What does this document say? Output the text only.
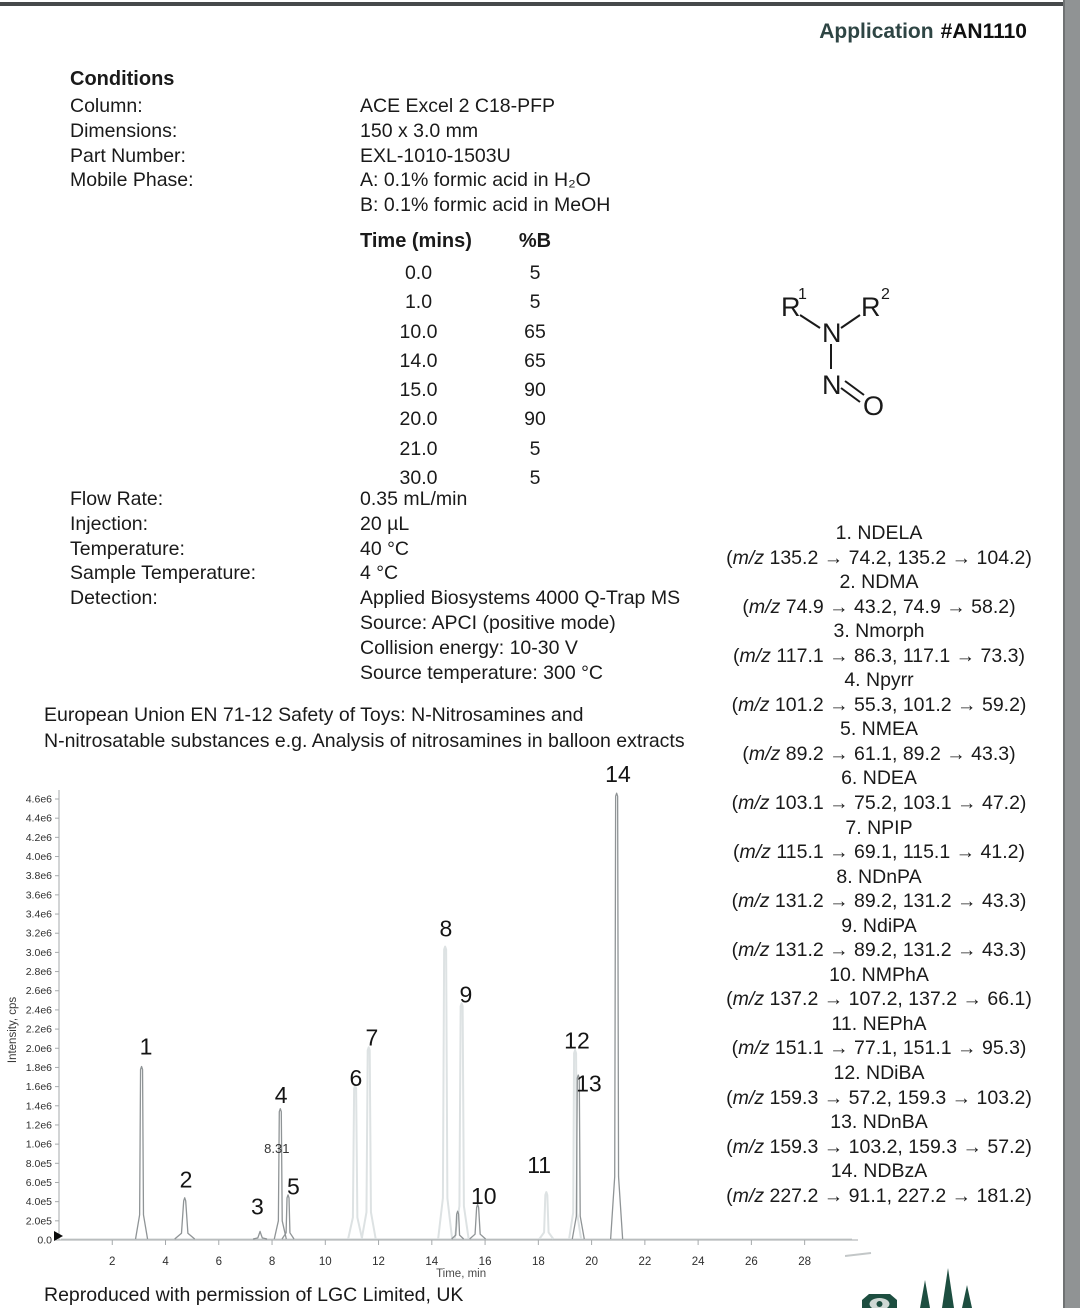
Application #AN1110
Conditions
Column:	ACE Excel 2 C18-PFP
Dimensions:	150 x 3.0 mm
Part Number:	EXL-1010-1503U
Mobile Phase:	A: 0.1% formic acid in H₂O
B: 0.1% formic acid in MeOH
Time (mins) %B
0.0	5
1.0	5
10.0	65
14.0	65
15.0	90
20.0	90
21.0	5
30.0	5
Flow Rate:	0.35 mL/min
Injection:	20 µL
Temperature:	40 °C
Sample Temperature:	4 °C
Detection:	Applied Biosystems 4000 Q-Trap MS
Source: APCI (positive mode)
Collision energy: 10-30 V
Source temperature: 300 °C
R
1 R 2
N
N
O
1. NDELA
(m/z 135.2 → 74.2, 135.2 → 104.2)
2. NDMA
(m/z 74.9 → 43.2, 74.9 → 58.2)
3. Nmorph
(m/z 117.1 → 86.3, 117.1 → 73.3)
4. Npyrr
(m/z 101.2 → 55.3, 101.2 → 59.2)
5. NMEA
(m/z 89.2 → 61.1, 89.2 → 43.3)
6. NDEA
(m/z 103.1 → 75.2, 103.1 → 47.2)
7. NPIP
(m/z 115.1 → 69.1, 115.1 → 41.2)
8. NDnPA
(m/z 131.2 → 89.2, 131.2 → 43.3)
9. NdiPA
(m/z 131.2 → 89.2, 131.2 → 43.3)
10. NMPhA
(m/z 137.2 → 107.2, 137.2 → 66.1)
11. NEPhA
(m/z 151.1 → 77.1, 151.1 → 95.3)
12. NDiBA
(m/z 159.3 → 57.2, 159.3 → 103.2)
13. NDnBA
(m/z 159.3 → 103.2, 159.3 → 57.2)
14. NDBzA
(m/z 227.2 → 91.1, 227.2 → 181.2)
European Union EN 71-12 Safety of Toys: N-Nitrosamines and
N-nitrosatable substances e.g. Analysis of nitrosamines in balloon extracts
0.0
2.0e5
4.0e5
6.0e5
8.0e5
1.0e6
1.2e6
1.4e6
1.6e6
1.8e6
2.0e6
2.2e6
2.4e6
2.6e6
2.8e6
3.0e6
3.2e6
3.4e6
3.6e6
3.8e6
4.0e6
4.2e6
4.4e6
4.6e6
2	4	6	8	10	12	14	16	18	20	22	24	26	28
Intensity, cps
Time, min
1
2
3
4
5
6
7
8
9
10
11
12
13
14
8.31
Reproduced with permission of LGC Limited, UK
